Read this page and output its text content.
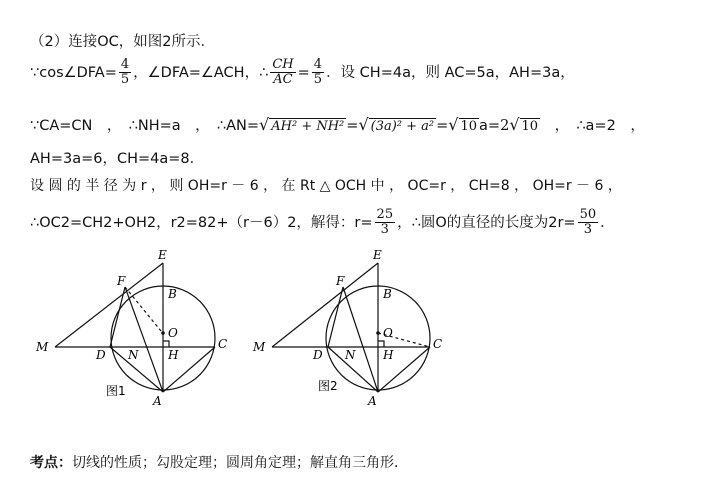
（2）连接OC，如图2所示．
∵cos∠DFA= $\frac{4}{5}$ ，∠DFA=∠ACH，∴ $\frac{CH}{AC} = \frac{4}{5}$ ．设 CH=4a，则 AC=5a，AH=3a，
∵CA=CN　，　∴NH=a　，　∴AN=√ AH² + NH² =√ (3a)² + a² =√ 10 a=2√ 10　，　∴a=2　，
AH=3a=6，CH=4a=8．
设 圆 的 半 径 为 r ， 则 OH=r － 6 ， 在 Rt △ OCH 中 ， OC=r ， CH=8 ， OH=r － 6 ，
∴OC2=CH2+OH2，r2=82+（r－6）2，解得：$r= \frac{25}{3}$ ，∴圆O的直径的长度为$2r= \frac{50}{3}$ ．
E
F
B
O
M
D N H
C
A
图1
E
F
B
O
M
D N H
C
A
图2
考点：切线的性质；勾股定理；圆周角定理；解直角三角形．
